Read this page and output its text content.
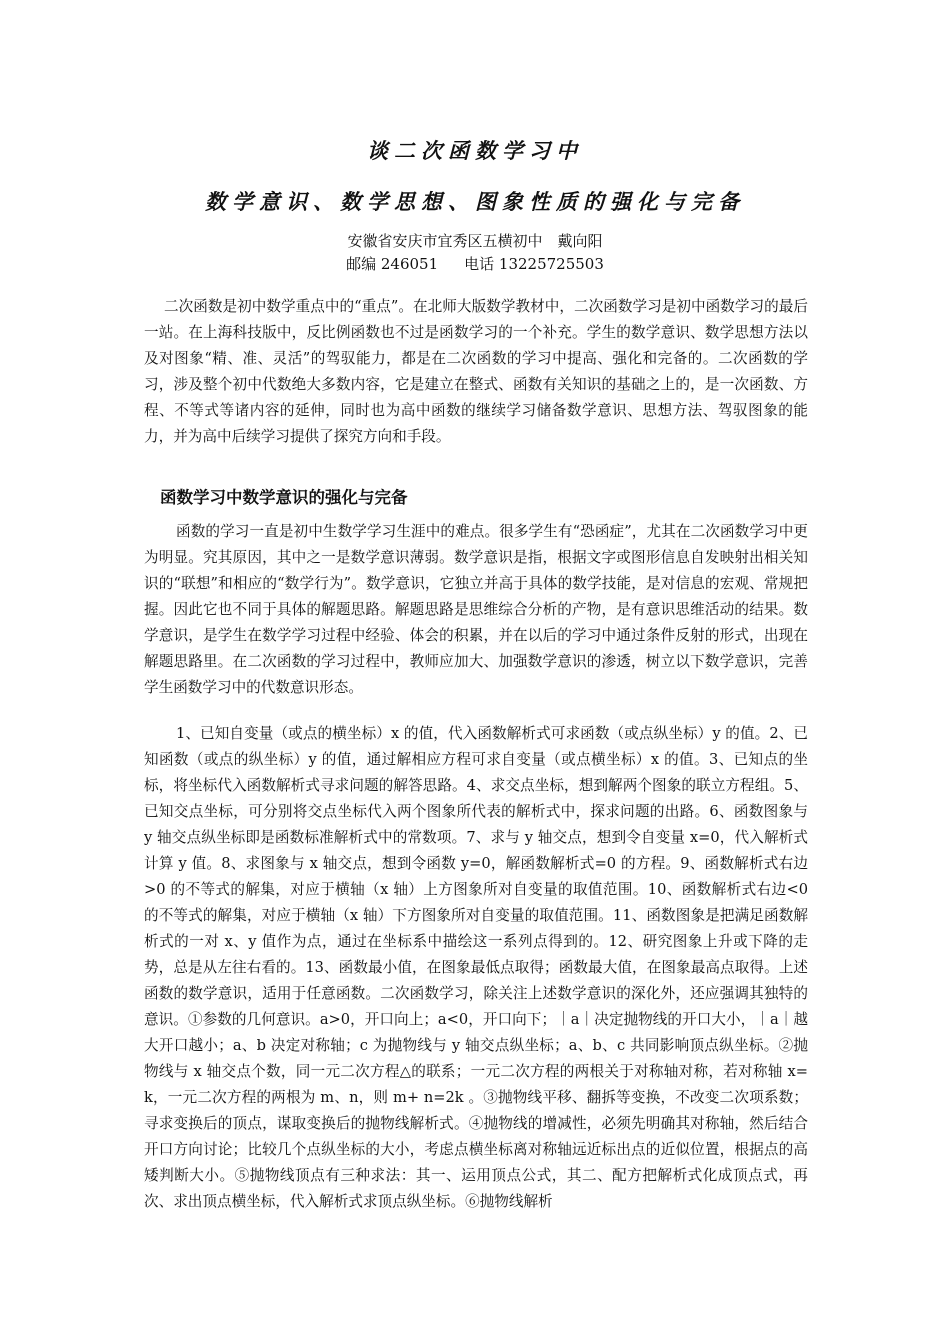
谈二次函数学习中
数学意识、数学思想、图象性质的强化与完备
安徽省安庆市宜秀区五横初中　戴向阳
邮编 246051 电话 13225725503
二次函数是初中数学重点中的“重点”。在北师大版数学教材中，二次函数学习是初中函数学习的最后一站。在上海科技版中，反比例函数也不过是函数学习的一个补充。学生的数学意识、数学思想方法以及对图象“精、准、灵活”的驾驭能力，都是在二次函数的学习中提高、强化和完备的。二次函数的学习，涉及整个初中代数绝大多数内容，它是建立在整式、函数有关知识的基础之上的，是一次函数、方程、不等式等诸内容的延伸，同时也为高中函数的继续学习储备数学意识、思想方法、驾驭图象的能力，并为高中后续学习提供了探究方向和手段。
函数学习中数学意识的强化与完备
函数的学习一直是初中生数学学习生涯中的难点。很多学生有“恐函症”，尤其在二次函数学习中更为明显。究其原因，其中之一是数学意识薄弱。数学意识是指，根据文字或图形信息自发映射出相关知识的“联想”和相应的“数学行为”。数学意识，它独立并高于具体的数学技能，是对信息的宏观、常规把握。因此它也不同于具体的解题思路。解题思路是思维综合分析的产物，是有意识思维活动的结果。数学意识，是学生在数学学习过程中经验、体会的积累，并在以后的学习中通过条件反射的形式，出现在解题思路里。在二次函数的学习过程中，教师应加大、加强数学意识的渗透，树立以下数学意识，完善学生函数学习中的代数意识形态。
1、已知自变量（或点的横坐标）x 的值，代入函数解析式可求函数（或点纵坐标）y 的值。2、已知函数（或点的纵坐标）y 的值，通过解相应方程可求自变量（或点横坐标）x 的值。3、已知点的坐标，将坐标代入函数解析式寻求问题的解答思路。4、求交点坐标，想到解两个图象的联立方程组。5、已知交点坐标，可分别将交点坐标代入两个图象所代表的解析式中，探求问题的出路。6、函数图象与 y 轴交点纵坐标即是函数标准解析式中的常数项。7、求与 y 轴交点，想到令自变量 x=0，代入解析式计算 y 值。8、求图象与 x 轴交点，想到令函数 y=0，解函数解析式=0 的方程。9、函数解析式右边>0 的不等式的解集，对应于横轴（x 轴）上方图象所对自变量的取值范围。10、函数解析式右边<0 的不等式的解集，对应于横轴（x 轴）下方图象所对自变量的取值范围。11、函数图象是把满足函数解析式的一对 x、y 值作为点，通过在坐标系中描绘这一系列点得到的。12、研究图象上升或下降的走势，总是从左往右看的。13、函数最小值，在图象最低点取得；函数最大值，在图象最高点取得。上述函数的数学意识，适用于任意函数。二次函数学习，除关注上述数学意识的深化外，还应强调其独特的意识。①参数的几何意识。a>0，开口向上；a<0，开口向下；｜a｜决定抛物线的开口大小，｜a｜越大开口越小；a、b 决定对称轴；c 为抛物线与 y 轴交点纵坐标；a、b、c 共同影响顶点纵坐标。②抛物线与 x 轴交点个数，同一元二次方程△的联系；一元二次方程的两根关于对称轴对称，若对称轴 x=k，一元二次方程的两根为 m、n，则 m+ n=2k 。③抛物线平移、翻拆等变换，不改变二次项系数；寻求变换后的顶点，谋取变换后的抛物线解析式。④抛物线的增减性，必须先明确其对称轴，然后结合开口方向讨论；比较几个点纵坐标的大小，考虑点横坐标离对称轴远近标出点的近似位置，根据点的高矮判断大小。⑤抛物线顶点有三种求法：其一、运用顶点公式，其二、配方把解析式化成顶点式，再次、求出顶点横坐标，代入解析式求顶点纵坐标。⑥抛物线解析
